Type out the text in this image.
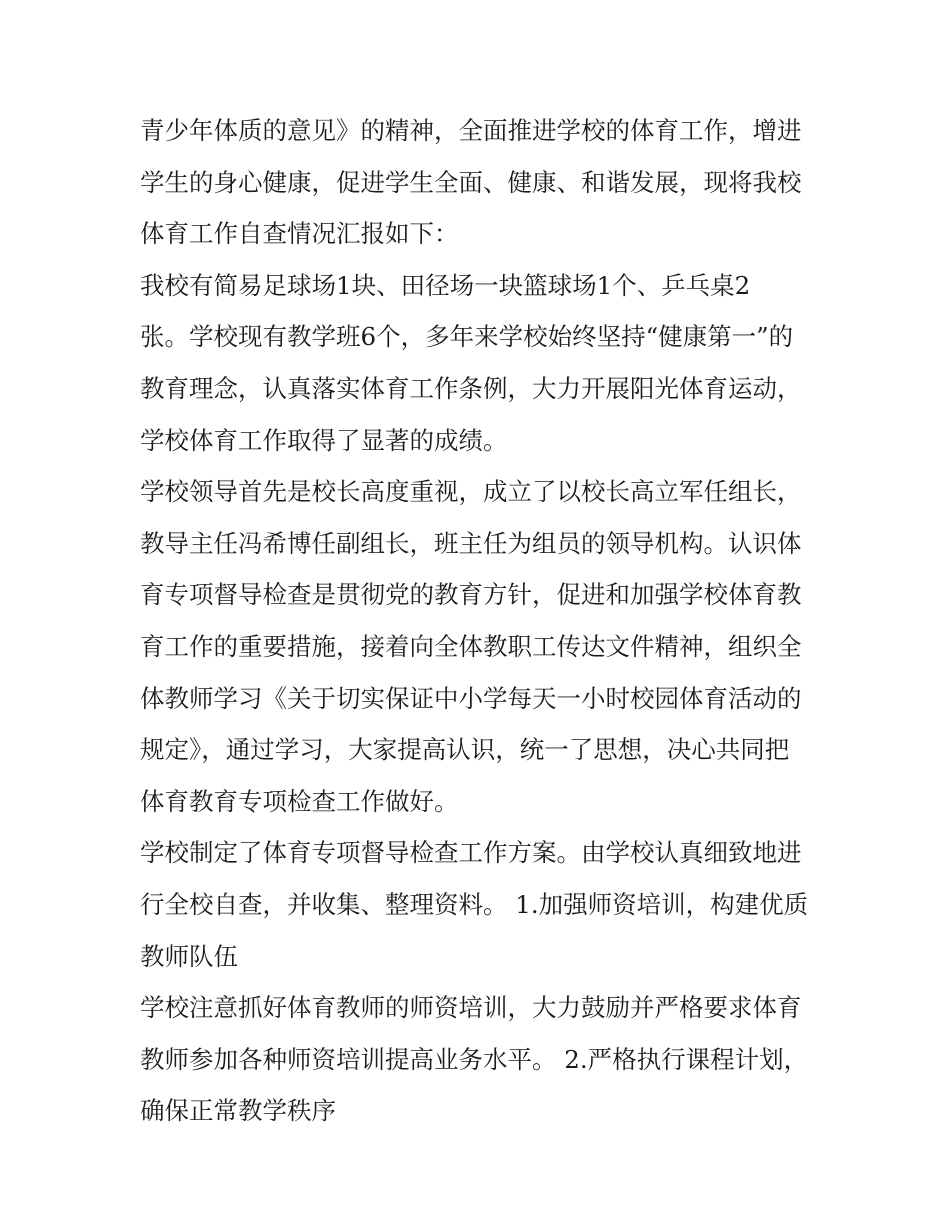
青少年体质的意见》的精神，全面推进学校的体育工作，增进
学生的身心健康，促进学生全面、健康、和谐发展，现将我校
体育工作自查情况汇报如下：
我校有简易足球场1块、田径场一块篮球场1个、乒乓桌2
张。学校现有教学班6个，多年来学校始终坚持“健康第一”的
教育理念，认真落实体育工作条例，大力开展阳光体育运动，
学校体育工作取得了显著的成绩。
学校领导首先是校长高度重视，成立了以校长高立军任组长，
教导主任冯希博任副组长，班主任为组员的领导机构。认识体
育专项督导检查是贯彻党的教育方针，促进和加强学校体育教
育工作的重要措施，接着向全体教职工传达文件精神，组织全
体教师学习《关于切实保证中小学每天一小时校园体育活动的
规定》，通过学习，大家提高认识，统一了思想，决心共同把
体育教育专项检查工作做好。
学校制定了体育专项督导检查工作方案。由学校认真细致地进
行全校自查，并收集、整理资料。 1.加强师资培训，构建优质
教师队伍
学校注意抓好体育教师的师资培训，大力鼓励并严格要求体育
教师参加各种师资培训提高业务水平。 2.严格执行课程计划，
确保正常教学秩序
